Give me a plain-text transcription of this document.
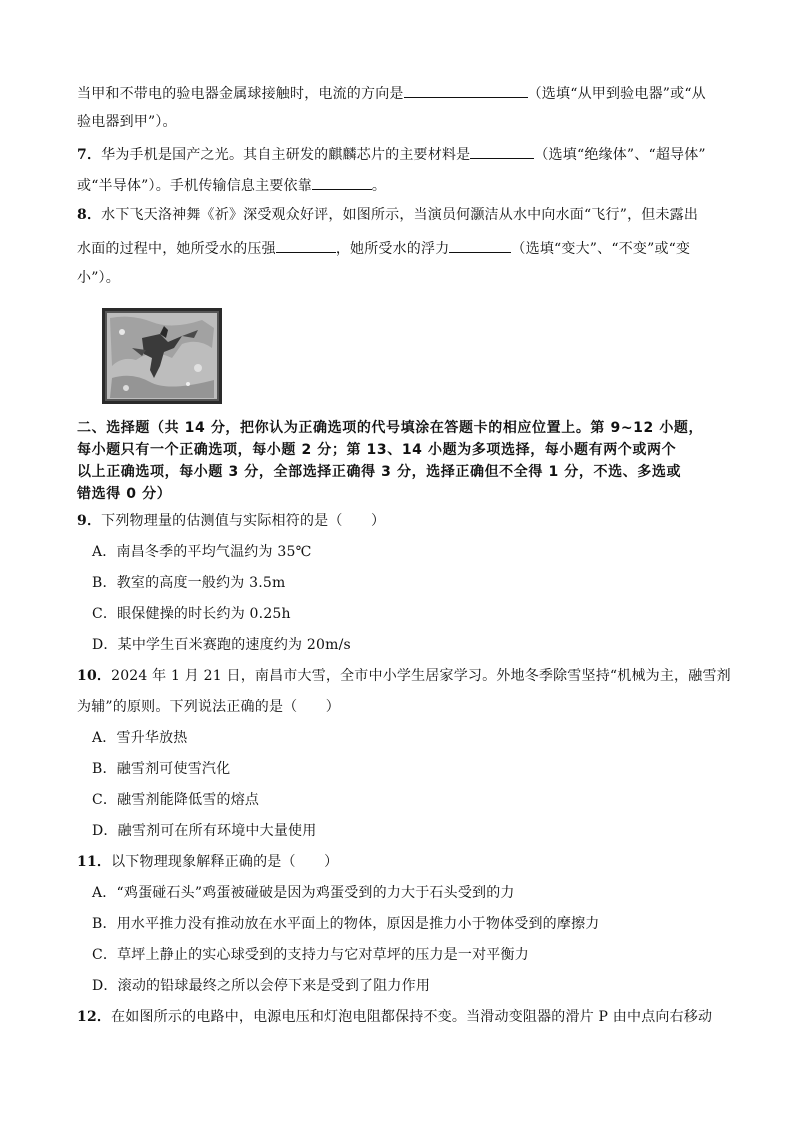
当甲和不带电的验电器金属球接触时，电流的方向是	（选填“从甲到验电器”或“从
验电器到甲”）。
7．华为手机是国产之光。其自主研发的麒麟芯片的主要材料是	（选填“绝缘体”、“超导体”
或“半导体”）。手机传输信息主要依靠	。
8．水下飞天洛神舞《祈》深受观众好评，如图所示，当演员何灏洁从水中向水面“飞行”，但未露出
水面的过程中，她所受水的压强	，她所受水的浮力	（选填“变大”、“不变”或“变
小”）。
二、选择题（共 14 分，把你认为正确选项的代号填涂在答题卡的相应位置上。第 9~12 小题，
每小题只有一个正确选项，每小题 2 分；第 13、14 小题为多项选择，每小题有两个或两个
以上正确选项，每小题 3 分，全部选择正确得 3 分，选择正确但不全得 1 分，不选、多选或
错选得 0 分）
9．下列物理量的估测值与实际相符的是（　　）
A．南昌冬季的平均气温约为 35℃
B．教室的高度一般约为 3.5m
C．眼保健操的时长约为 0.25h
D．某中学生百米赛跑的速度约为 20m/s
10．2024 年 1 月 21 日，南昌市大雪，全市中小学生居家学习。外地冬季除雪坚持“机械为主，融雪剂
为辅”的原则。下列说法正确的是（　　）
A．雪升华放热
B．融雪剂可使雪汽化
C．融雪剂能降低雪的熔点
D．融雪剂可在所有环境中大量使用
11．以下物理现象解释正确的是（　　）
A．“鸡蛋碰石头”鸡蛋被碰破是因为鸡蛋受到的力大于石头受到的力
B．用水平推力没有推动放在水平面上的物体，原因是推力小于物体受到的摩擦力
C．草坪上静止的实心球受到的支持力与它对草坪的压力是一对平衡力
D．滚动的铅球最终之所以会停下来是受到了阻力作用
12．在如图所示的电路中，电源电压和灯泡电阻都保持不变。当滑动变阻器的滑片 P 由中点向右移动
